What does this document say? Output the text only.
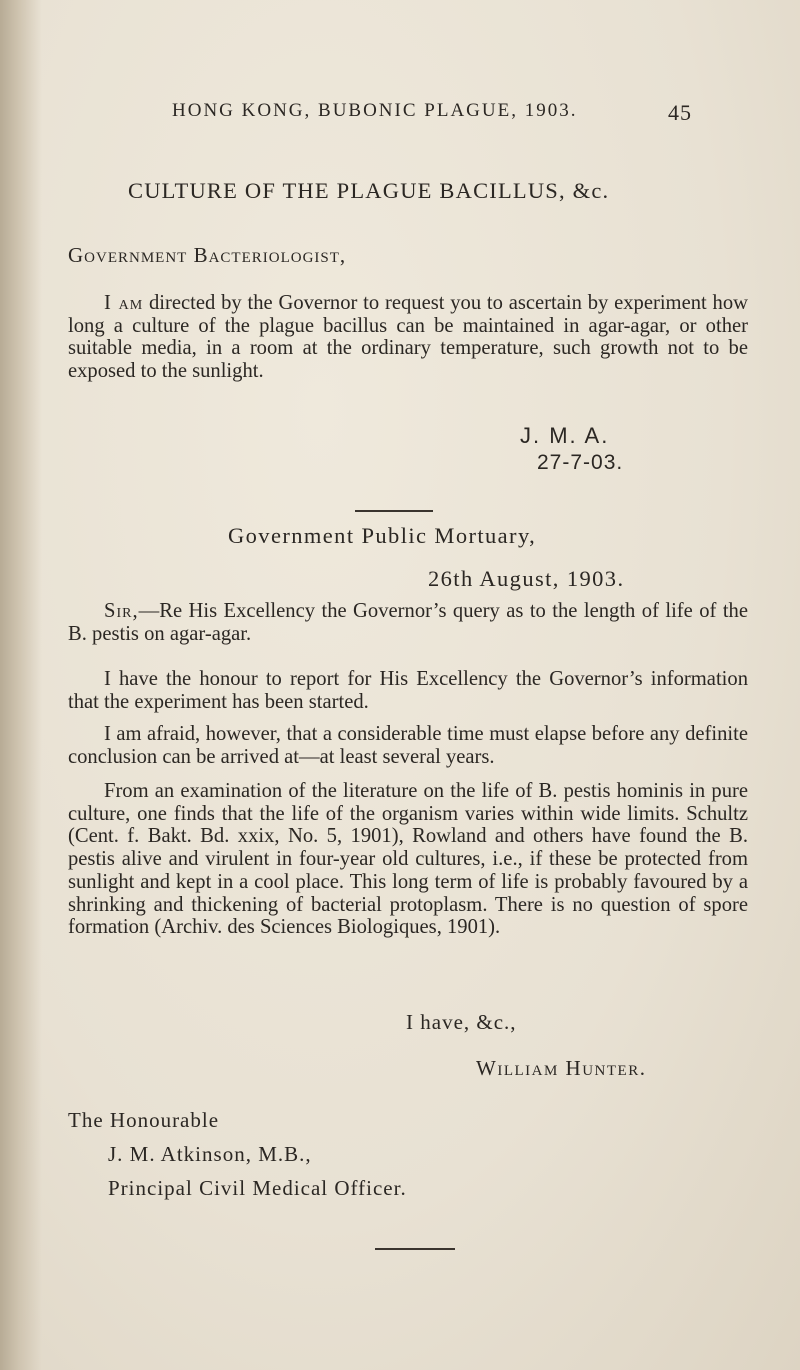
HONG KONG, BUBONIC PLAGUE, 1903.	45
CULTURE OF THE PLAGUE BACILLUS, &c.
Government Bacteriologist,
I am directed by the Governor to request you to ascertain by experiment how long a culture of the plague bacillus can be maintained in agar-agar, or other suitable media, in a room at the ordinary temperature, such growth not to be exposed to the sunlight.
J. M. A.
27-7-03.
Government Public Mortuary,
26th August, 1903.
Sir,—Re His Excellency the Governor’s query as to the length of life of the B. pestis on agar-agar.
I have the honour to report for His Excellency the Governor’s information that the experiment has been started.
I am afraid, however, that a considerable time must elapse before any definite conclusion can be arrived at—at least several years.
From an examination of the literature on the life of B. pestis hominis in pure culture, one finds that the life of the organism varies within wide limits. Schultz (Cent. f. Bakt. Bd. xxix, No. 5, 1901), Rowland and others have found the B. pestis alive and virulent in four-year old cultures, i.e., if these be protected from sunlight and kept in a cool place. This long term of life is probably favoured by a shrinking and thickening of bacterial protoplasm. There is no question of spore formation (Archiv. des Sciences Biologiques, 1901).
I have, &c.,
William Hunter.
The Honourable
J. M. Atkinson, M.B.,
Principal Civil Medical Officer.
